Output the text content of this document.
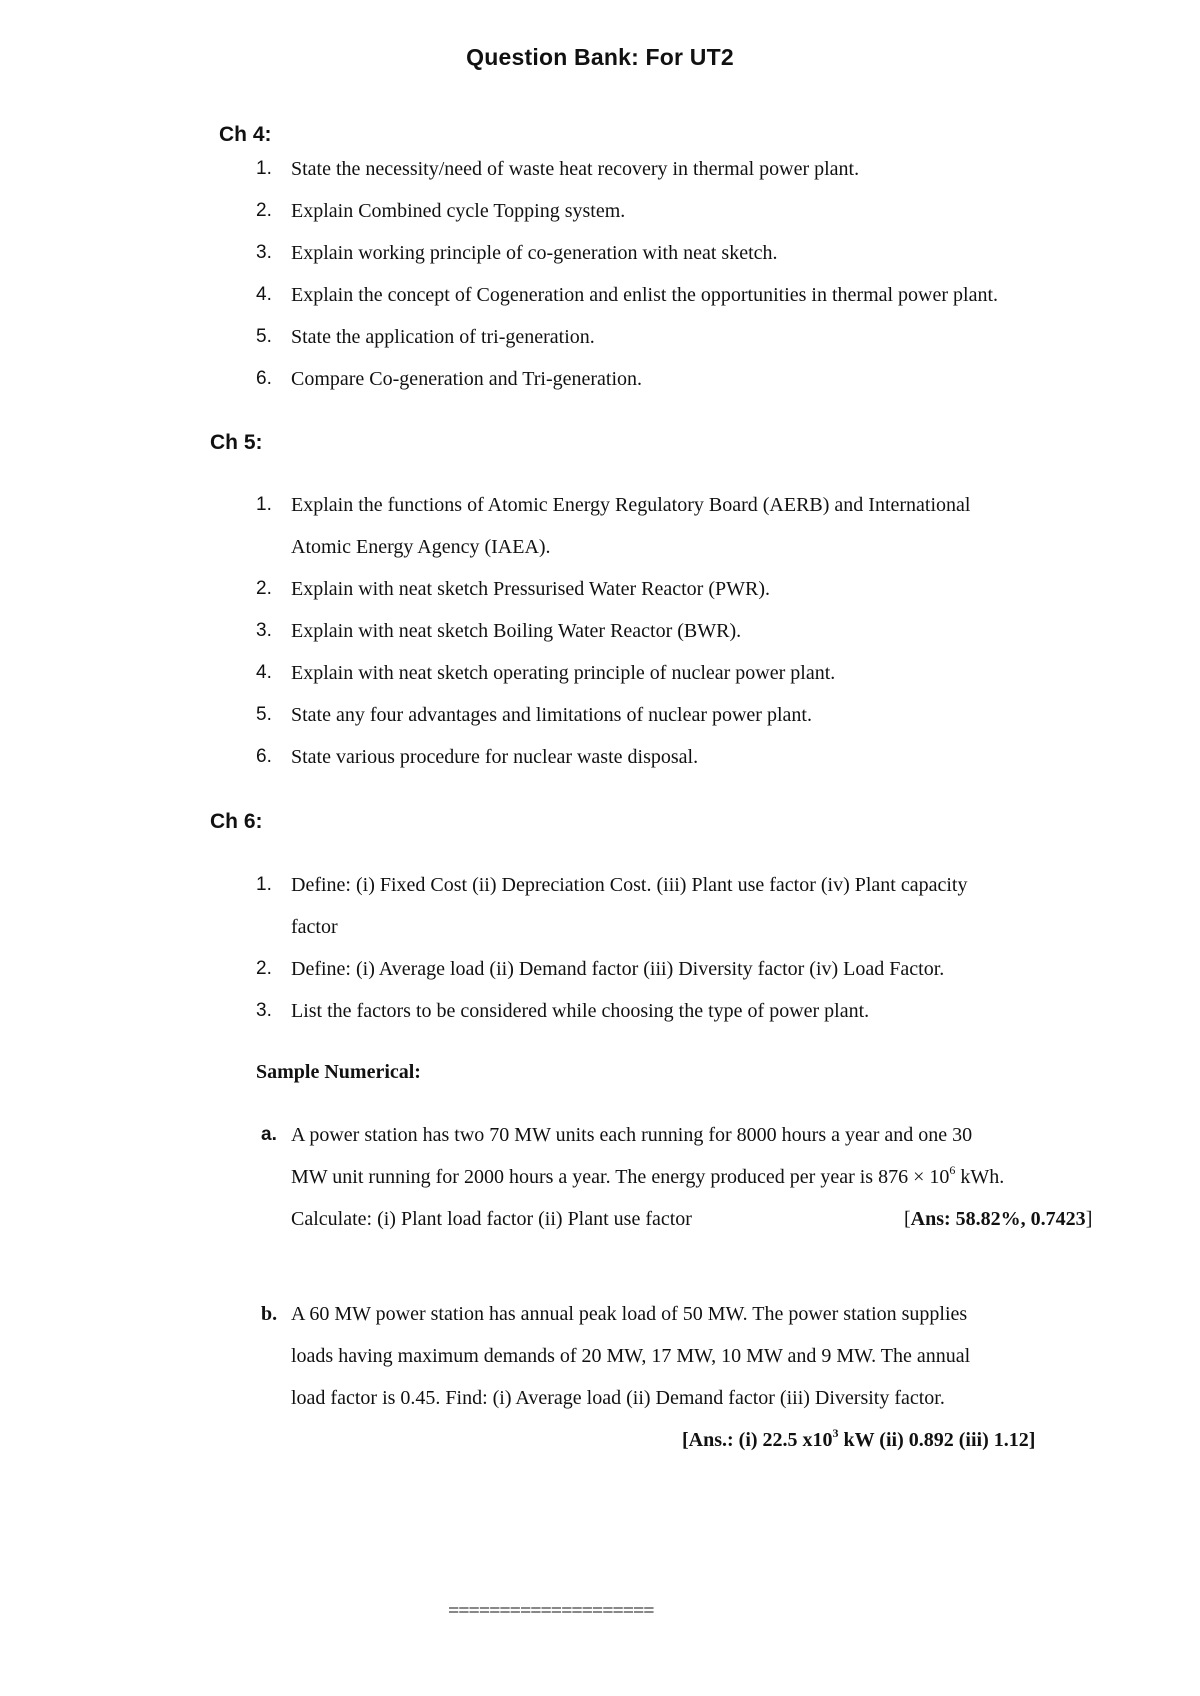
Question Bank: For UT2
Ch 4:
1. State the necessity/need of waste heat recovery in thermal power plant.
2. Explain Combined cycle Topping system.
3. Explain working principle of co-generation with neat sketch.
4. Explain the concept of Cogeneration and enlist the opportunities in thermal power plant.
5. State the application of tri-generation.
6. Compare Co-generation and Tri-generation.
Ch 5:
1. Explain the functions of Atomic Energy Regulatory Board (AERB) and International
Atomic Energy Agency (IAEA).
2. Explain with neat sketch Pressurised Water Reactor (PWR).
3. Explain with neat sketch Boiling Water Reactor (BWR).
4. Explain with neat sketch operating principle of nuclear power plant.
5. State any four advantages and limitations of nuclear power plant.
6. State various procedure for nuclear waste disposal.
Ch 6:
1. Define: (i) Fixed Cost (ii) Depreciation Cost. (iii) Plant use factor (iv) Plant capacity
factor
2. Define: (i) Average load (ii) Demand factor (iii) Diversity factor (iv) Load Factor.
3. List the factors to be considered while choosing the type of power plant.
Sample Numerical:
a. A power station has two 70 MW units each running for 8000 hours a year and one 30
MW unit running for 2000 hours a year. The energy produced per year is $876 \times 10^6$ kWh.
Calculate: (i) Plant load factor (ii) Plant use factor	[Ans: 58.82%, 0.7423]
b. A 60 MW power station has annual peak load of 50 MW. The power station supplies
loads having maximum demands of 20 MW, 17 MW, 10 MW and 9 MW. The annual
load factor is 0.45. Find: (i) Average load (ii) Demand factor (iii) Diversity factor.
[Ans.: (i) 22.5 $x10^3$ kW (ii) 0.892 (iii) 1.12]
====================
